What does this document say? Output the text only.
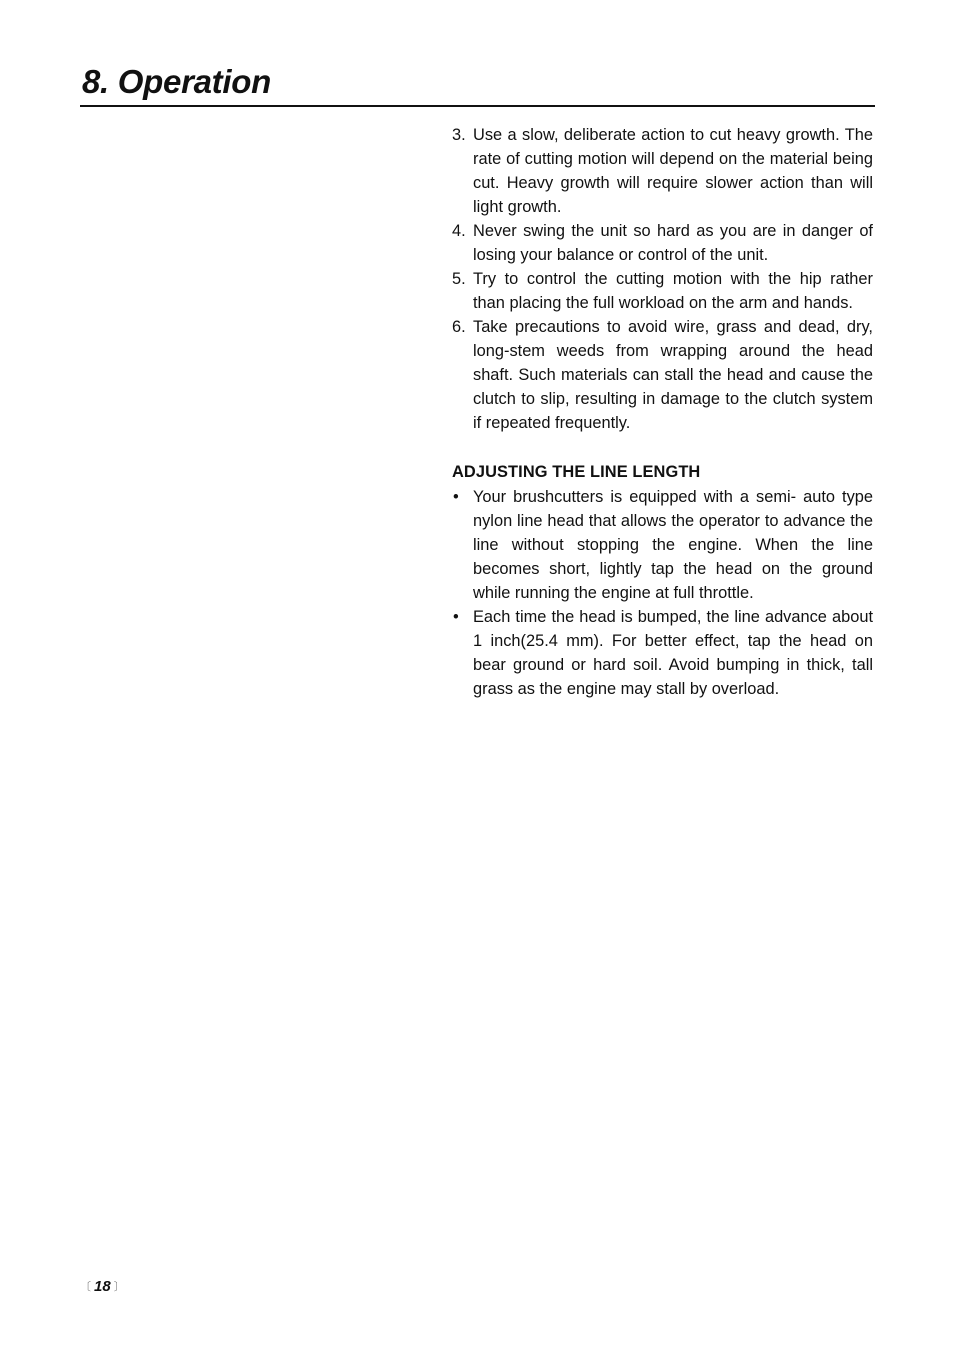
8. Operation
3. Use a slow, deliberate action to cut heavy growth. The rate of cutting motion will depend on the material being cut. Heavy growth will require slower action than will light growth.
4. Never swing the unit so hard as you are in danger of losing your balance or control of the unit.
5. Try to control the cutting motion with the hip rather than placing the full workload on the arm and hands.
6. Take precautions to avoid wire, grass and dead, dry, long-stem weeds from wrapping around the head shaft. Such materials can stall the head and cause the clutch to slip, resulting in damage to the clutch system if repeated frequently.
ADJUSTING THE LINE LENGTH
• Your brushcutters is equipped with a semi- auto type nylon line head that allows the operator to advance the line without stopping the engine. When the line becomes short, lightly tap the head on the ground while running the engine at full throttle.
• Each time the head is bumped, the line advance about 1 inch(25.4 mm). For better effect, tap the head on bear ground or hard soil. Avoid bumping in thick, tall grass as the engine may stall by overload.
〔 18 〕
